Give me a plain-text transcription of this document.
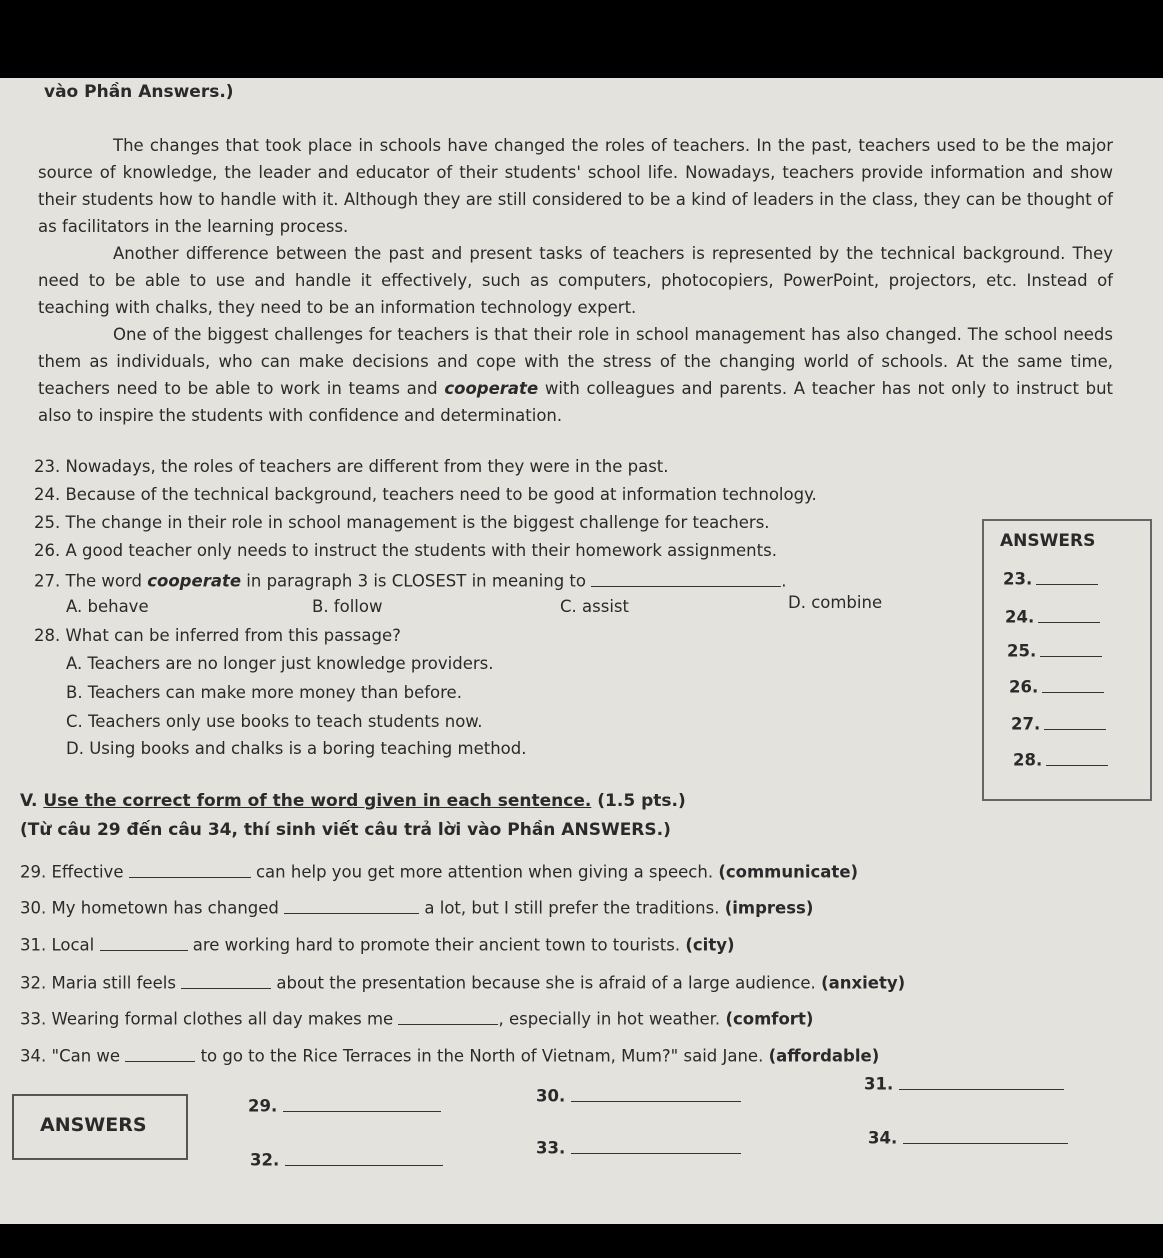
vào Phần Answers.)

The changes that took place in schools have changed the roles of teachers. In the past, teachers used to be the major source of knowledge, the leader and educator of their students' school life. Nowadays, teachers provide information and show their students how to handle with it. Although they are still considered to be a kind of leaders in the class, they can be thought of as facilitators in the learning process.

Another difference between the past and present tasks of teachers is represented by the technical background. They need to be able to use and handle it effectively, such as computers, photocopiers, PowerPoint, projectors, etc. Instead of teaching with chalks, they need to be an information technology expert.

One of the biggest challenges for teachers is that their role in school management has also changed. The school needs them as individuals, who can make decisions and cope with the stress of the changing world of schools. At the same time, teachers need to be able to work in teams and cooperate with colleagues and parents. A teacher has not only to instruct but also to inspire the students with confidence and determination.

23. Nowadays, the roles of teachers are different from they were in the past.
24. Because of the technical background, teachers need to be good at information technology.
25. The change in their role in school management is the biggest challenge for teachers.
26. A good teacher only needs to instruct the students with their homework assignments.
27. The word cooperate in paragraph 3 is CLOSEST in meaning to	.
A. behave	B. follow	C. assist	D. combine
28. What can be inferred from this passage?
A. Teachers are no longer just knowledge providers.
B. Teachers can make more money than before.
C. Teachers only use books to teach students now.
D. Using books and chalks is a boring teaching method.
ANSWERS
23.
24.
25.
26.
27.
28.
V. Use the correct form of the word given in each sentence. (1.5 pts.)
(Từ câu 29 đến câu 34, thí sinh viết câu trả lời vào Phần ANSWERS.)
29. Effective	can help you get more attention when giving a speech. (communicate)
30. My hometown has changed	a lot, but I still prefer the traditions. (impress)
31. Local	are working hard to promote their ancient town to tourists. (city)
32. Maria still feels	about the presentation because she is afraid of a large audience. (anxiety)
33. Wearing formal clothes all day makes me	, especially in hot weather. (comfort)
34. "Can we	to go to the Rice Terraces in the North of Vietnam, Mum?" said Jane. (affordable)
ANSWERS
29.
30.
31.
32.
33.
34.
